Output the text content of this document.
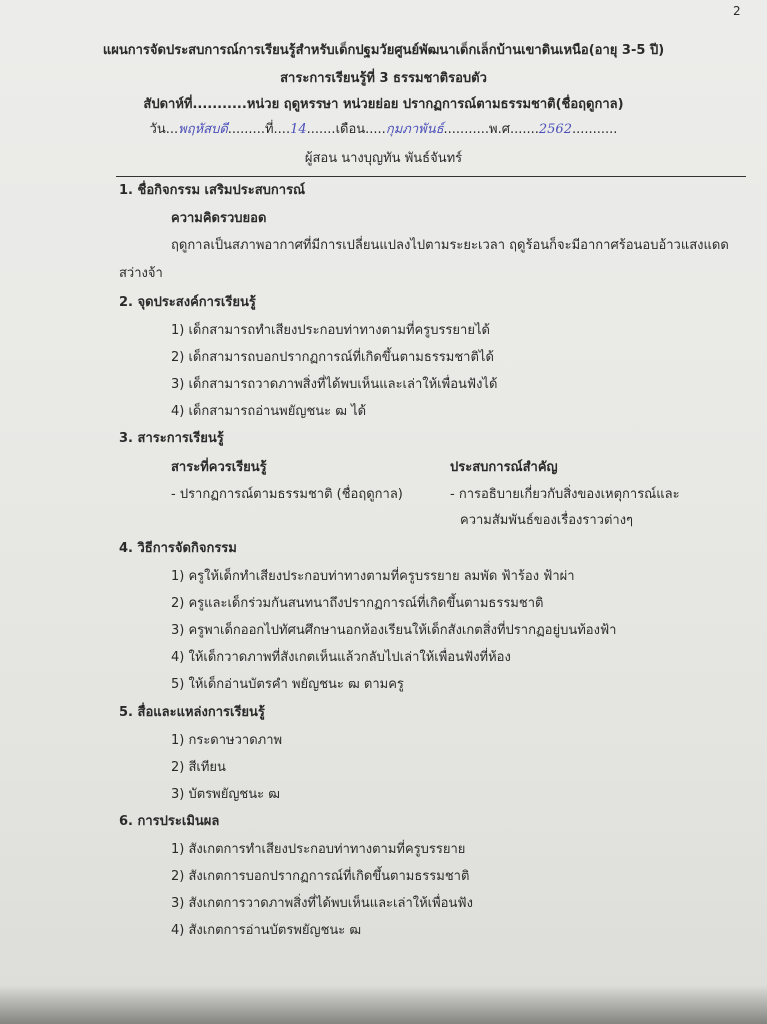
2
แผนการจัดประสบการณ์การเรียนรู้สำหรับเด็กปฐมวัยศูนย์พัฒนาเด็กเล็กบ้านเขาดินเหนือ(อายุ 3-5 ปี)
สาระการเรียนรู้ที่ 3 ธรรมชาติรอบตัว
สัปดาห์ที่...........หน่วย ฤดูหรรษา หน่วยย่อย ปรากฏการณ์ตามธรรมชาติ(ชื่อฤดูกาล)
วัน...พฤหัสบดี.........ที่....14.......เดือน.....กุมภาพันธ์...........พ.ศ.......2562...........
ผู้สอน นางบุญทัน พันธ์จันทร์
1. ชื่อกิจกรรม เสริมประสบการณ์
ความคิดรวบยอด
ฤดูกาลเป็นสภาพอากาศที่มีการเปลี่ยนแปลงไปตามระยะเวลา ฤดูร้อนก็จะมีอากาศร้อนอบอ้าวแสงแดด
สว่างจ้า
2. จุดประสงค์การเรียนรู้
1) เด็กสามารถทำเสียงประกอบท่าทางตามที่ครูบรรยายได้
2) เด็กสามารถบอกปรากฏการณ์ที่เกิดขึ้นตามธรรมชาติได้
3) เด็กสามารถวาดภาพสิ่งที่ได้พบเห็นและเล่าให้เพื่อนฟังได้
4) เด็กสามารถอ่านพยัญชนะ ฒ ได้
3. สาระการเรียนรู้
สาระที่ควรเรียนรู้	ประสบการณ์สำคัญ
- ปรากฏการณ์ตามธรรมชาติ (ชื่อฤดูกาล)	- การอธิบายเกี่ยวกับสิ่งของเหตุการณ์และ
ความสัมพันธ์ของเรื่องราวต่างๆ
4. วิธีการจัดกิจกรรม
1) ครูให้เด็กทำเสียงประกอบท่าทางตามที่ครูบรรยาย ลมพัด ฟ้าร้อง ฟ้าผ่า
2) ครูและเด็กร่วมกันสนทนาถึงปรากฏการณ์ที่เกิดขึ้นตามธรรมชาติ
3) ครูพาเด็กออกไปทัศนศึกษานอกห้องเรียนให้เด็กสังเกตสิ่งที่ปรากฏอยู่บนท้องฟ้า
4) ให้เด็กวาดภาพที่สังเกตเห็นแล้วกลับไปเล่าให้เพื่อนฟังที่ห้อง
5) ให้เด็กอ่านบัตรคำ พยัญชนะ ฒ ตามครู
5. สื่อและแหล่งการเรียนรู้
1) กระดาษวาดภาพ
2) สีเทียน
3) บัตรพยัญชนะ ฒ
6. การประเมินผล
1) สังเกตการทำเสียงประกอบท่าทางตามที่ครูบรรยาย
2) สังเกตการบอกปรากฏการณ์ที่เกิดขึ้นตามธรรมชาติ
3) สังเกตการวาดภาพสิ่งที่ได้พบเห็นและเล่าให้เพื่อนฟัง
4) สังเกตการอ่านบัตรพยัญชนะ ฒ
